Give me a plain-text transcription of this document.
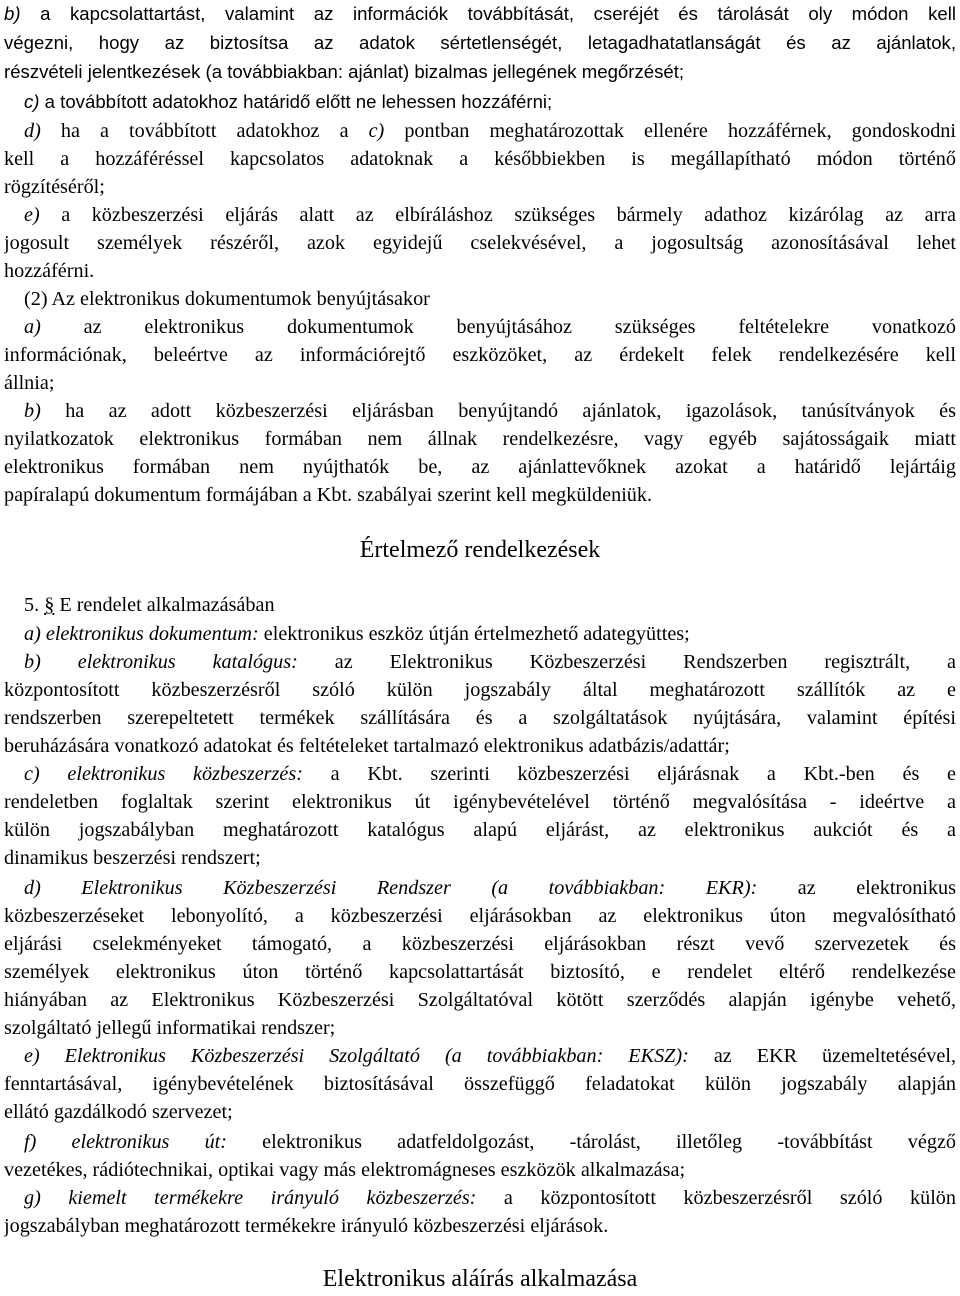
b) a kapcsolattartást, valamint az információk továbbítását, cseréjét és tárolását oly módon kell
végezni, hogy az biztosítsa az adatok sértetlenségét, letagadhatatlanságát és az ajánlatok,
részvételi jelentkezések (a továbbiakban: ajánlat) bizalmas jellegének megőrzését;
c) a továbbított adatokhoz határidő előtt ne lehessen hozzáférni;
d) ha a továbbított adatokhoz a c) pontban meghatározottak ellenére hozzáférnek, gondoskodni
kell a hozzáféréssel kapcsolatos adatoknak a későbbiekben is megállapítható módon történő
rögzítéséről;
e) a közbeszerzési eljárás alatt az elbíráláshoz szükséges bármely adathoz kizárólag az arra
jogosult személyek részéről, azok egyidejű cselekvésével, a jogosultság azonosításával lehet
hozzáférni.
(2) Az elektronikus dokumentumok benyújtásakor
a) az elektronikus dokumentumok benyújtásához szükséges feltételekre vonatkozó
információnak, beleértve az információrejtő eszközöket, az érdekelt felek rendelkezésére kell
állnia;
b) ha az adott közbeszerzési eljárásban benyújtandó ajánlatok, igazolások, tanúsítványok és
nyilatkozatok elektronikus formában nem állnak rendelkezésre, vagy egyéb sajátosságaik miatt
elektronikus formában nem nyújthatók be, az ajánlattevőknek azokat a határidő lejártáig
papíralapú dokumentum formájában a Kbt. szabályai szerint kell megküldeniük.
Értelmező rendelkezések
5. § E rendelet alkalmazásában
a) elektronikus dokumentum: elektronikus eszköz útján értelmezhető adategyüttes;
b) elektronikus katalógus: az Elektronikus Közbeszerzési Rendszerben regisztrált, a
központosított közbeszerzésről szóló külön jogszabály által meghatározott szállítók az e
rendszerben szerepeltetett termékek szállítására és a szolgáltatások nyújtására, valamint építési
beruházására vonatkozó adatokat és feltételeket tartalmazó elektronikus adatbázis/adattár;
c) elektronikus közbeszerzés: a Kbt. szerinti közbeszerzési eljárásnak a Kbt.-ben és e
rendeletben foglaltak szerint elektronikus út igénybevételével történő megvalósítása - ideértve a
külön jogszabályban meghatározott katalógus alapú eljárást, az elektronikus aukciót és a
dinamikus beszerzési rendszert;
d) Elektronikus Közbeszerzési Rendszer (a továbbiakban: EKR): az elektronikus
közbeszerzéseket lebonyolító, a közbeszerzési eljárásokban az elektronikus úton megvalósítható
eljárási cselekményeket támogató, a közbeszerzési eljárásokban részt vevő szervezetek és
személyek elektronikus úton történő kapcsolattartását biztosító, e rendelet eltérő rendelkezése
hiányában az Elektronikus Közbeszerzési Szolgáltatóval kötött szerződés alapján igénybe vehető,
szolgáltató jellegű informatikai rendszer;
e) Elektronikus Közbeszerzési Szolgáltató (a továbbiakban: EKSZ): az EKR üzemeltetésével,
fenntartásával, igénybevételének biztosításával összefüggő feladatokat külön jogszabály alapján
ellátó gazdálkodó szervezet;
f) elektronikus út: elektronikus adatfeldolgozást, -tárolást, illetőleg -továbbítást végző
vezetékes, rádiótechnikai, optikai vagy más elektromágneses eszközök alkalmazása;
g) kiemelt termékekre irányuló közbeszerzés: a központosított közbeszerzésről szóló külön
jogszabályban meghatározott termékekre irányuló közbeszerzési eljárások.
Elektronikus aláírás alkalmazása
